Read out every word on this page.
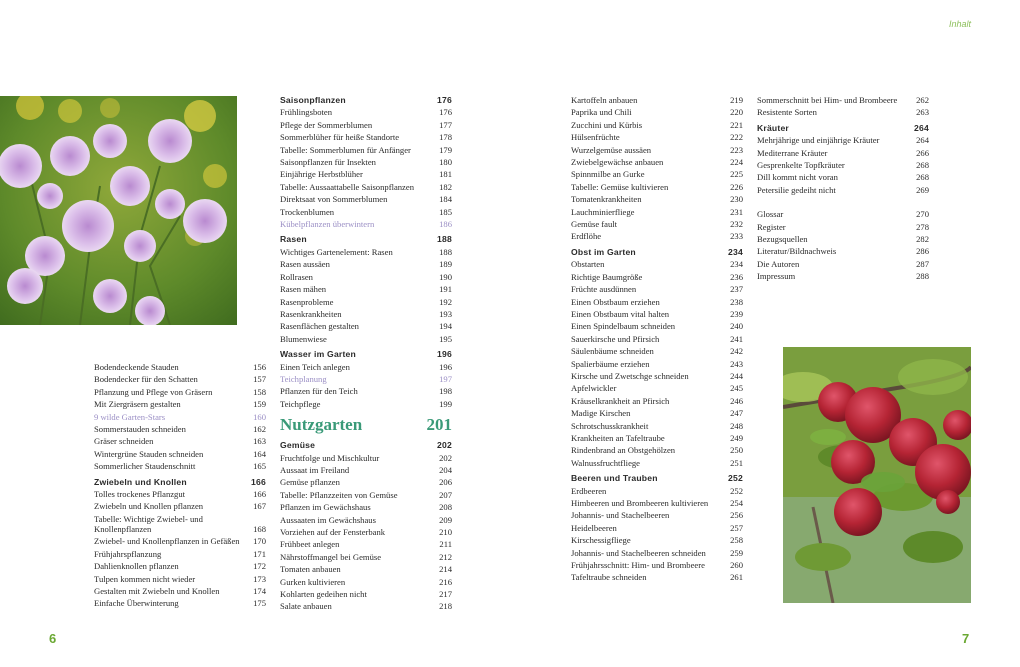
Inhalt
Bodendeckende Stauden	156
Bodendecker für den Schatten	157
Pflanzung und Pflege von Gräsern	158
Mit Ziergräsern gestalten	159
9 wilde Garten-Stars	160
Sommerstauden schneiden	162
Gräser schneiden	163
Wintergrüne Stauden schneiden	164
Sommerlicher Staudenschnitt	165
Zwiebeln und Knollen	166
Tolles trockenes Pflanzgut	166
Zwiebeln und Knollen pflanzen	167
Tabelle: Wichtige Zwiebel- und Knollenpflanzen	168
Zwiebel- und Knollenpflanzen in Gefäßen	170
Frühjahrspflanzung	171
Dahlienknollen pflanzen	172
Tulpen kommen nicht wieder	173
Gestalten mit Zwiebeln und Knollen	174
Einfache Überwinterung	175
Saisonpflanzen	176
Frühlingsboten	176
Pflege der Sommerblumen	177
Sommerblüher für heiße Standorte	178
Tabelle: Sommerblumen für Anfänger	179
Saisonpflanzen für Insekten	180
Einjährige Herbstblüher	181
Tabelle: Aussaattabelle Saisonpflanzen	182
Direktsaat von Sommerblumen	184
Trockenblumen	185
Kübelpflanzen überwintern	186
Rasen	188
Wichtiges Gartenelement: Rasen	188
Rasen aussäen	189
Rollrasen	190
Rasen mähen	191
Rasenprobleme	192
Rasenkrankheiten	193
Rasenflächen gestalten	194
Blumenwiese	195
Wasser im Garten	196
Einen Teich anlegen	196
Teichplanung	197
Pflanzen für den Teich	198
Teichpflege	199
Nutzgarten	201
Gemüse	202
Fruchtfolge und Mischkultur	202
Aussaat im Freiland	204
Gemüse pflanzen	206
Tabelle: Pflanzzeiten von Gemüse	207
Pflanzen im Gewächshaus	208
Aussaaten im Gewächshaus	209
Vorziehen auf der Fensterbank	210
Frühbeet anlegen	211
Nährstoffmangel bei Gemüse	212
Tomaten anbauen	214
Gurken kultivieren	216
Kohlarten gedeihen nicht	217
Salate anbauen	218
Kartoffeln anbauen	219
Paprika und Chili	220
Zucchini und Kürbis	221
Hülsenfrüchte	222
Wurzelgemüse aussäen	223
Zwiebelgewächse anbauen	224
Spinnmilbe an Gurke	225
Tabelle: Gemüse kultivieren	226
Tomatenkrankheiten	230
Lauchminierfliege	231
Gemüse fault	232
Erdflöhe	233
Obst im Garten	234
Obstarten	234
Richtige Baumgröße	236
Früchte ausdünnen	237
Einen Obstbaum erziehen	238
Einen Obstbaum vital halten	239
Einen Spindelbaum schneiden	240
Sauerkirsche und Pfirsich	241
Säulenbäume schneiden	242
Spalierbäume erziehen	243
Kirsche und Zwetschge schneiden	244
Apfelwickler	245
Kräuselkrankheit an Pfirsich	246
Madige Kirschen	247
Schrotschusskrankheit	248
Krankheiten an Tafeltraube	249
Rindenbrand an Obstgehölzen	250
Walnussfruchtfliege	251
Beeren und Trauben	252
Erdbeeren	252
Himbeeren und Brombeeren kultivieren	254
Johannis- und Stachelbeeren	256
Heidelbeeren	257
Kirschessigfliege	258
Johannis- und Stachelbeeren schneiden	259
Frühjahrsschnitt: Him- und Brombeere	260
Tafeltraube schneiden	261
Sommerschnitt bei Him- und Brombeere	262
Resistente Sorten	263
Kräuter	264
Mehrjährige und einjährige Kräuter	264
Mediterrane Kräuter	266
Gesprenkelte Topfkräuter	268
Dill kommt nicht voran	268
Petersilie gedeiht nicht	269
Glossar	270
Register	278
Bezugsquellen	282
Literatur/Bildnachweis	286
Die Autoren	287
Impressum	288
6	7
